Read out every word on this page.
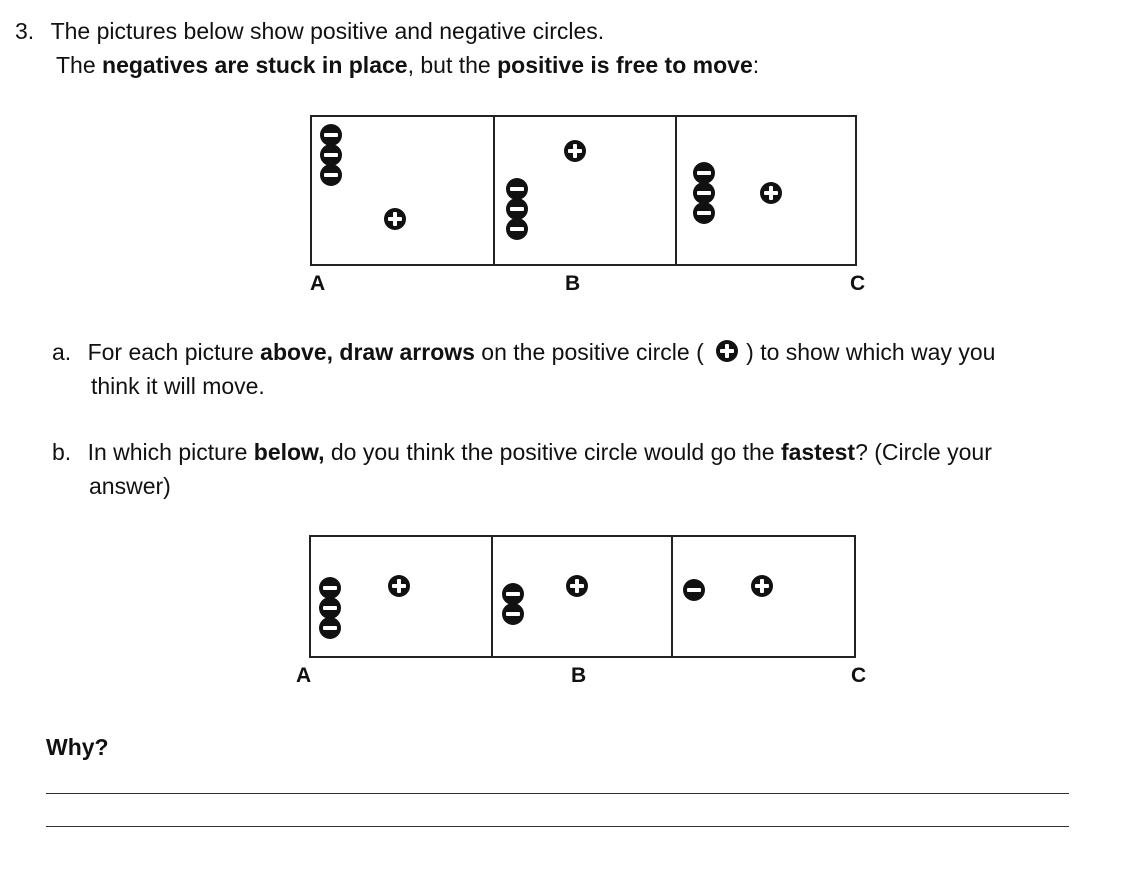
3. The pictures below show positive and negative circles.
The negatives are stuck in place, but the positive is free to move:
A	B	C
a. For each picture above, draw arrows on the positive circle ( ) to show which way you
think it will move.
b. In which picture below, do you think the positive circle would go the fastest? (Circle your
answer)
A	B	C
Why?
